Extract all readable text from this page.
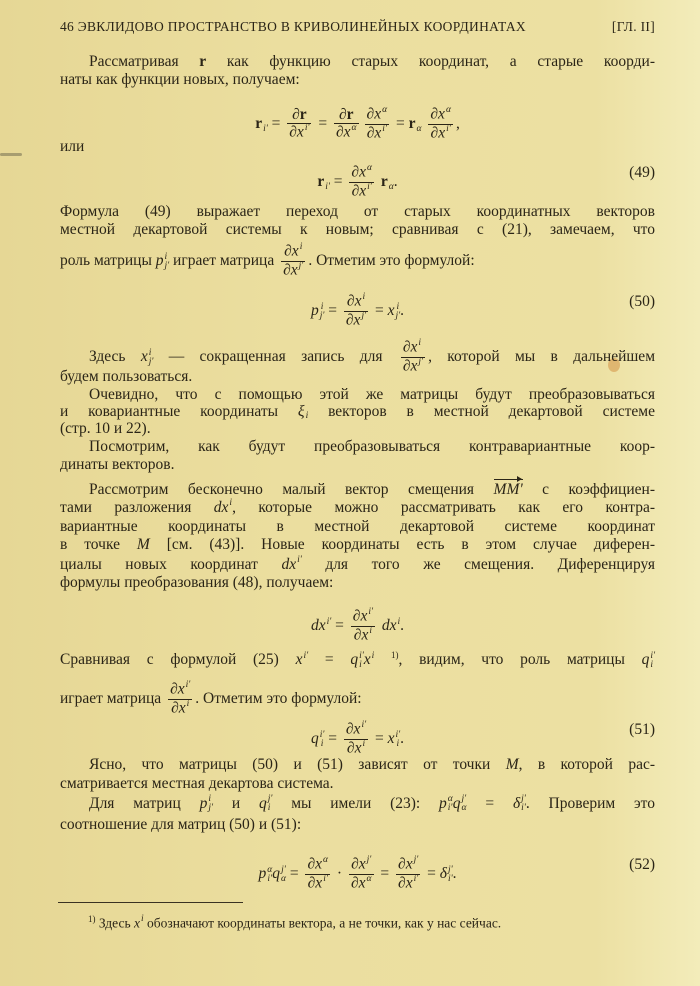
46 ЭВКЛИДОВО ПРОСТРАНСТВО В КРИВОЛИНЕЙНЫХ КООРДИНАТАХ	[ГЛ. II]
Рассматривая r как функцию старых координат, а старые коорди-
наты как функции новых, получаем:
r
$i' = \frac{\partial r}{\text{∂x i'}}$
= $\frac{\partial r}{\text{∂x α}}$
$\frac{\text{∂x α}}{\text{∂x i'}}$
= r
α
$\frac{\text{∂x α}}{\text{∂x i'}}$
,
или
r
$i' = \frac{\text{∂x α}}{\text{∂x i'}}$
r
α .
(49)
Формула (49) выражает переход от старых координатных векторов
местной декартовой системы к новым; сравнивая с (21), замечаем, что
роль матрицы p i
j' играет матрица $\frac{\text{∂x i}}{\text{∂x j'}}$
. Отметим это формулой:
p i
$j' = \frac{\text{∂x i}}{\text{∂x j'}}$
= x i
j' .
(50)
Здесь x i
j' — сокращенная запись для $\frac{\text{∂x i}}{\text{∂x j'}}$
, которой мы в дальнейшем
будем пользоваться.
Очевидно, что с помощью этой же матрицы будут преобразовываться
и ковариантные координаты ξ
i векторов в местной декартовой системе
(стр. 10 и 22).
Посмотрим, как будут преобразовываться контравариантные коор-
динаты векторов.
Рассмотрим бесконечно малый вектор смещения MM' с коэффициен-
тами разложения dx i
, которые можно рассматривать как его контра-
вариантные координаты в местной декартовой системе координат
в точке M [см. (43)]. Новые координаты есть в этом случае диферен-
циалы новых координат dx i'
для того же смещения. Диференцируя
формулы преобразования (48), получаем:
dx i'
= $\frac{\text{∂x i'}}{\text{∂x i}}$
dx i
.
Сравнивая с формулой (25) x i'
= q i'
i x i
$^{1)}$, видим, что роль матрицы q i'
i
играет матрица $\frac{\text{∂x i'}}{\text{∂x i}}$
. Отметим это формулой:
q i'
$i = \frac{\text{∂x i'}}{\text{∂x i}}$
= x i'
i .
(51)
Ясно, что матрицы (50) и (51) зависят от точки M, в которой рас-
сматривается местная декартова система.
Для матриц p i
j' и q j'
i мы имели (23): p α
i' q j'
α = δ j'
i' . Проверим это
соотношение для матриц (50) и (51):
p α
i' q j'
$\alpha = \frac{\text{∂x α}}{\text{∂x i'}}$
· $\frac{\text{∂x j'}}{\text{∂x α}}$
= $\frac{\text{∂x j'}}{\text{∂x i'}}$
= δ j'
i' .
(52)
$^{1)}$ Здесь x i
обозначают координаты вектора, а не точки, как у нас сейчас.
